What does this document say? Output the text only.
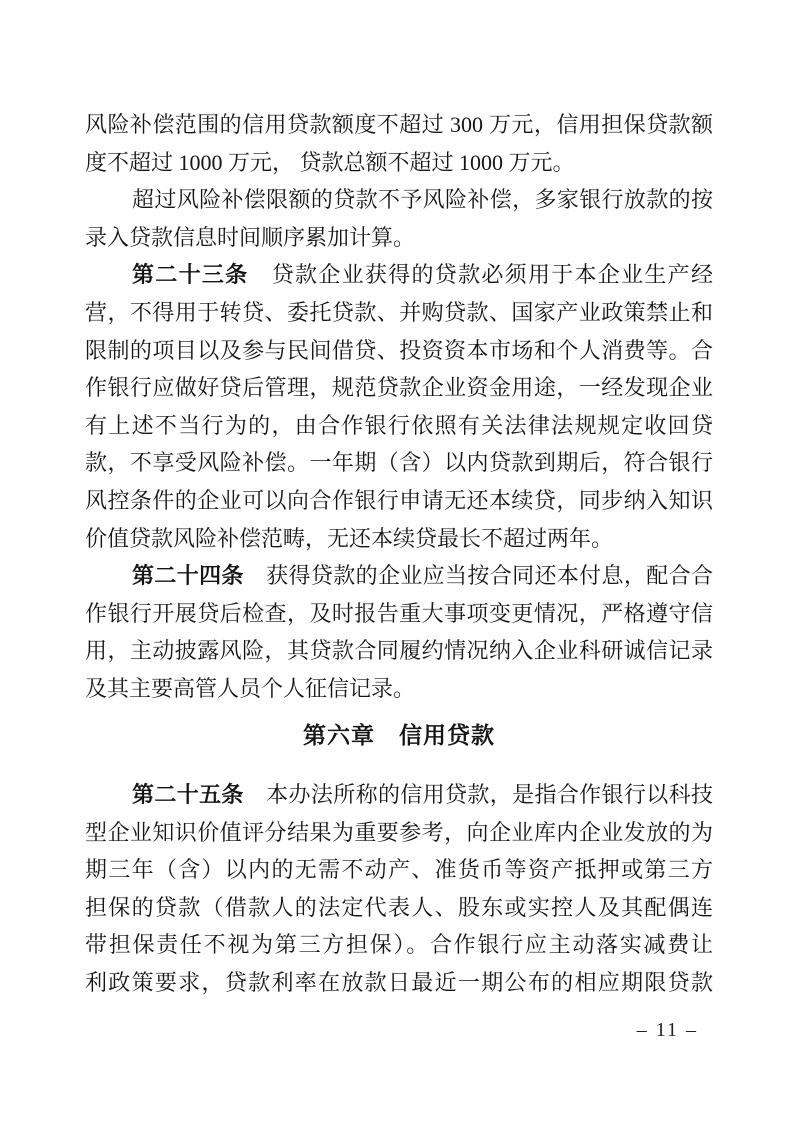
风险补偿范围的信用贷款额度不超过 300 万元，信用担保贷款额
度不超过 1000 万元， 贷款总额不超过 1000 万元。
超过风险补偿限额的贷款不予风险补偿，多家银行放款的按
录入贷款信息时间顺序累加计算。
第二十三条　贷款企业获得的贷款必须用于本企业生产经
营，不得用于转贷、委托贷款、并购贷款、国家产业政策禁止和
限制的项目以及参与民间借贷、投资资本市场和个人消费等。合
作银行应做好贷后管理，规范贷款企业资金用途，一经发现企业
有上述不当行为的，由合作银行依照有关法律法规规定收回贷
款，不享受风险补偿。一年期（含）以内贷款到期后，符合银行
风控条件的企业可以向合作银行申请无还本续贷，同步纳入知识
价值贷款风险补偿范畴，无还本续贷最长不超过两年。
第二十四条　获得贷款的企业应当按合同还本付息，配合合
作银行开展贷后检查，及时报告重大事项变更情况，严格遵守信
用，主动披露风险，其贷款合同履约情况纳入企业科研诚信记录
及其主要高管人员个人征信记录。
第六章　信用贷款
第二十五条　本办法所称的信用贷款，是指合作银行以科技
型企业知识价值评分结果为重要参考，向企业库内企业发放的为
期三年（含）以内的无需不动产、准货币等资产抵押或第三方
担保的贷款（借款人的法定代表人、股东或实控人及其配偶连
带担保责任不视为第三方担保）。合作银行应主动落实减费让
利政策要求，贷款利率在放款日最近一期公布的相应期限贷款
– 11 –
